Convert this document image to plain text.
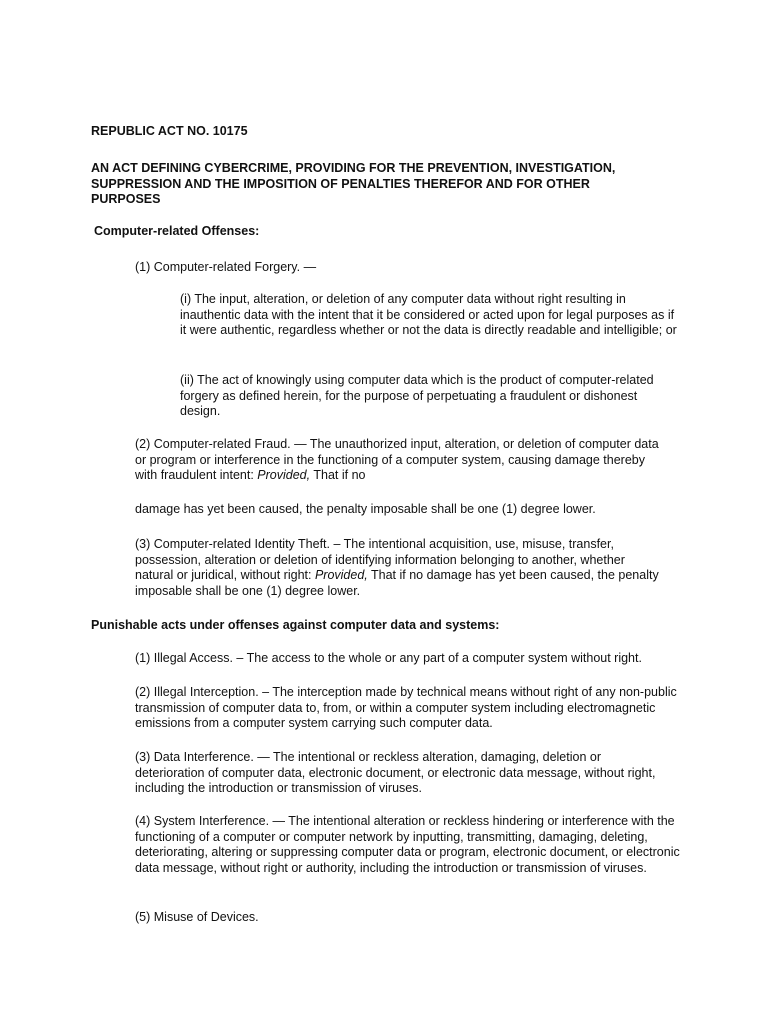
REPUBLIC ACT NO. 10175

AN ACT DEFINING CYBERCRIME, PROVIDING FOR THE PREVENTION, INVESTIGATION, SUPPRESSION AND THE IMPOSITION OF PENALTIES THEREFOR AND FOR OTHER PURPOSES

Computer-related Offenses:

(1) Computer-related Forgery. —

(i) The input, alteration, or deletion of any computer data without right resulting in inauthentic data with the intent that it be considered or acted upon for legal purposes as if it were authentic, regardless whether or not the data is directly readable and intelligible; or

(ii) The act of knowingly using computer data which is the product of computer-related forgery as defined herein, for the purpose of perpetuating a fraudulent or dishonest design.

(2) Computer-related Fraud. — The unauthorized input, alteration, or deletion of computer data or program or interference in the functioning of a computer system, causing damage thereby with fraudulent intent: Provided, That if no

damage has yet been caused, the penalty imposable shall be one (1) degree lower.

(3) Computer-related Identity Theft. – The intentional acquisition, use, misuse, transfer, possession, alteration or deletion of identifying information belonging to another, whether natural or juridical, without right: Provided, That if no damage has yet been caused, the penalty imposable shall be one (1) degree lower.

Punishable acts under offenses against computer data and systems:

(1) Illegal Access. – The access to the whole or any part of a computer system without right.

(2) Illegal Interception. – The interception made by technical means without right of any non-public transmission of computer data to, from, or within a computer system including electromagnetic emissions from a computer system carrying such computer data.

(3) Data Interference. — The intentional or reckless alteration, damaging, deletion or deterioration of computer data, electronic document, or electronic data message, without right, including the introduction or transmission of viruses.

(4) System Interference. — The intentional alteration or reckless hindering or interference with the functioning of a computer or computer network by inputting, transmitting, damaging, deleting, deteriorating, altering or suppressing computer data or program, electronic document, or electronic data message, without right or authority, including the introduction or transmission of viruses.

(5) Misuse of Devices.
